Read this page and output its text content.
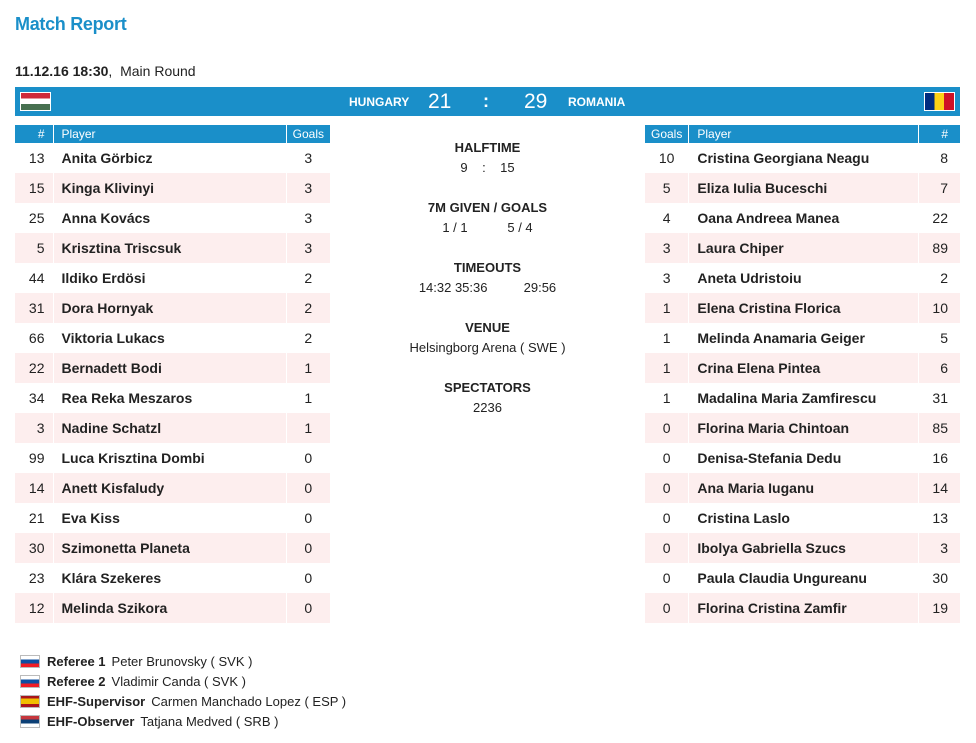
Match Report
11.12.16 18:30,  Main Round
HUNGARY 21 : 29 ROMANIA
#	Player	Goals
13	Anita Görbicz	3
15	Kinga Klivinyi	3
25	Anna Kovács	3
5	Krisztina Triscsuk	3
44	Ildiko Erdösi	2
31	Dora Hornyak	2
66	Viktoria Lukacs	2
22	Bernadett Bodi	1
34	Rea Reka Meszaros	1
3	Nadine Schatzl	1
99	Luca Krisztina Dombi	0
14	Anett Kisfaludy	0
21	Eva Kiss	0
30	Szimonetta Planeta	0
23	Klára Szekeres	0
12	Melinda Szikora	0
Goals	Player	#
10	Cristina Georgiana Neagu	8
5	Eliza Iulia Buceschi	7
4	Oana Andreea Manea	22
3	Laura Chiper	89
3	Aneta Udristoiu	2
1	Elena Cristina Florica	10
1	Melinda Anamaria Geiger	5
1	Crina Elena Pintea	6
1	Madalina Maria Zamfirescu	31
0	Florina Maria Chintoan	85
0	Denisa-Stefania Dedu	16
0	Ana Maria Iuganu	14
0	Cristina Laslo	13
0	Ibolya Gabriella Szucs	3
0	Paula Claudia Ungureanu	30
0	Florina Cristina Zamfir	19
HALFTIME
9 : 15
7M GIVEN / GOALS
1 / 1	5 / 4
TIMEOUTS
14:32 35:36	29:56
VENUE
Helsingborg Arena ( SWE )
SPECTATORS
2236
Referee 1 Peter Brunovsky ( SVK )
Referee 2 Vladimir Canda ( SVK )
EHF-Supervisor Carmen Manchado Lopez ( ESP )
EHF-Observer Tatjana Medved ( SRB )
